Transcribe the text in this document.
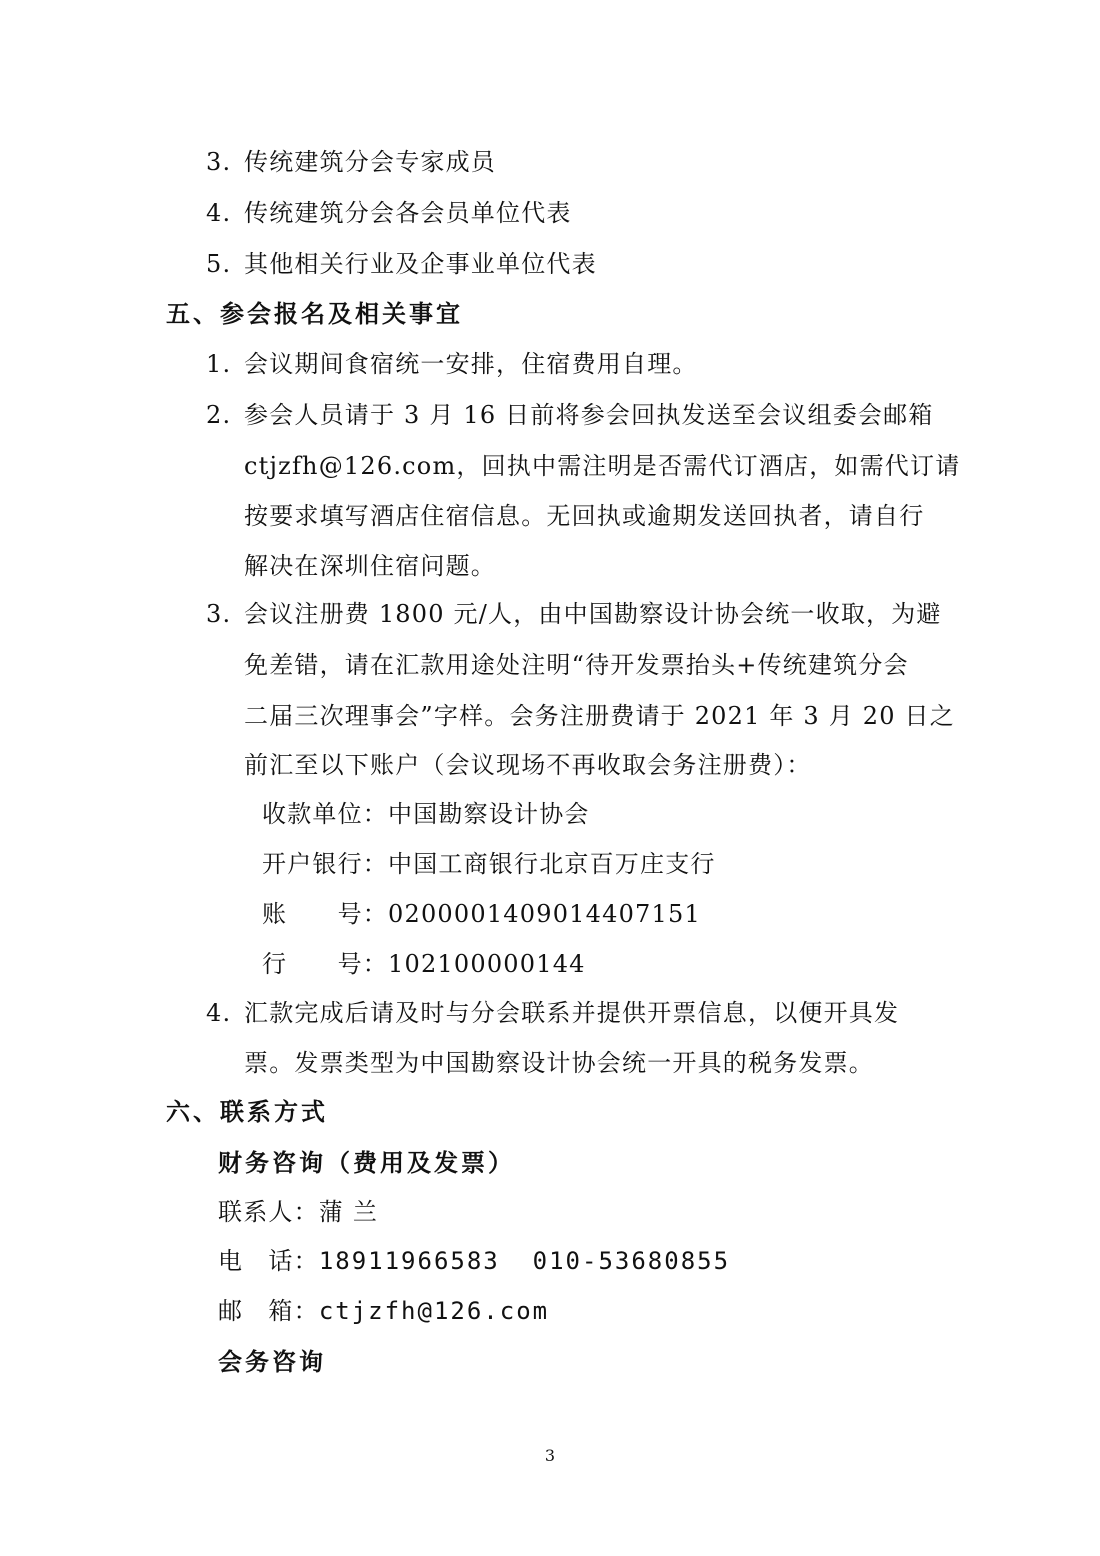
3. 传统建筑分会专家成员
4. 传统建筑分会各会员单位代表
5. 其他相关行业及企事业单位代表
五、参会报名及相关事宜
1. 会议期间食宿统一安排，住宿费用自理。
2. 参会人员请于 3 月 16 日前将参会回执发送至会议组委会邮箱
ctjzfh@126.com，回执中需注明是否需代订酒店，如需代订请
按要求填写酒店住宿信息。无回执或逾期发送回执者，请自行
解决在深圳住宿问题。
3. 会议注册费 1800 元/人，由中国勘察设计协会统一收取，为避
免差错，请在汇款用途处注明“待开发票抬头+传统建筑分会
二届三次理事会”字样。会务注册费请于 2021 年 3 月 20 日之
前汇至以下账户（会议现场不再收取会务注册费）：
收款单位：中国勘察设计协会
开户银行：中国工商银行北京百万庄支行
账　　号：0200001409014407151
行　　号：102100000144
4. 汇款完成后请及时与分会联系并提供开票信息，以便开具发
票。发票类型为中国勘察设计协会统一开具的税务发票。
六、联系方式
财务咨询（费用及发票）
联系人：蒲 兰
电　话：18911966583  010-53680855
邮　箱：ctjzfh@126.com
会务咨询
3
